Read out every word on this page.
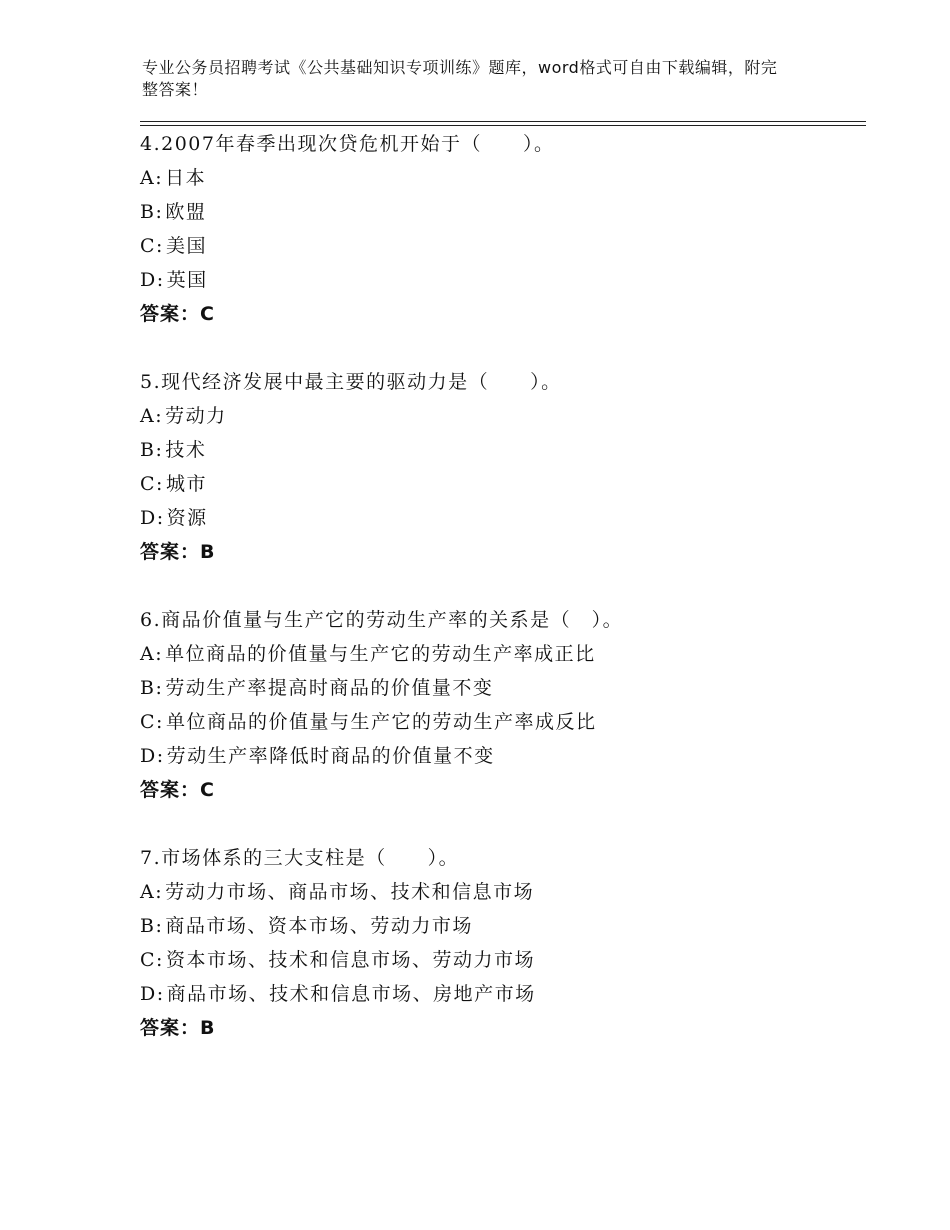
专业公务员招聘考试《公共基础知识专项训练》题库，word格式可自由下载编辑，附完整答案！
4.2007年春季出现次贷危机开始于（　　）。
A: 日本
B: 欧盟
C: 美国
D: 英国
答案：C
5.现代经济发展中最主要的驱动力是（　　）。
A: 劳动力
B: 技术
C: 城市
D: 资源
答案：B
6.商品价值量与生产它的劳动生产率的关系是（　）。
A: 单位商品的价值量与生产它的劳动生产率成正比
B: 劳动生产率提高时商品的价值量不变
C: 单位商品的价值量与生产它的劳动生产率成反比
D: 劳动生产率降低时商品的价值量不变
答案：C
7.市场体系的三大支柱是（　　）。
A: 劳动力市场、商品市场、技术和信息市场
B: 商品市场、资本市场、劳动力市场
C: 资本市场、技术和信息市场、劳动力市场
D: 商品市场、技术和信息市场、房地产市场
答案：B
